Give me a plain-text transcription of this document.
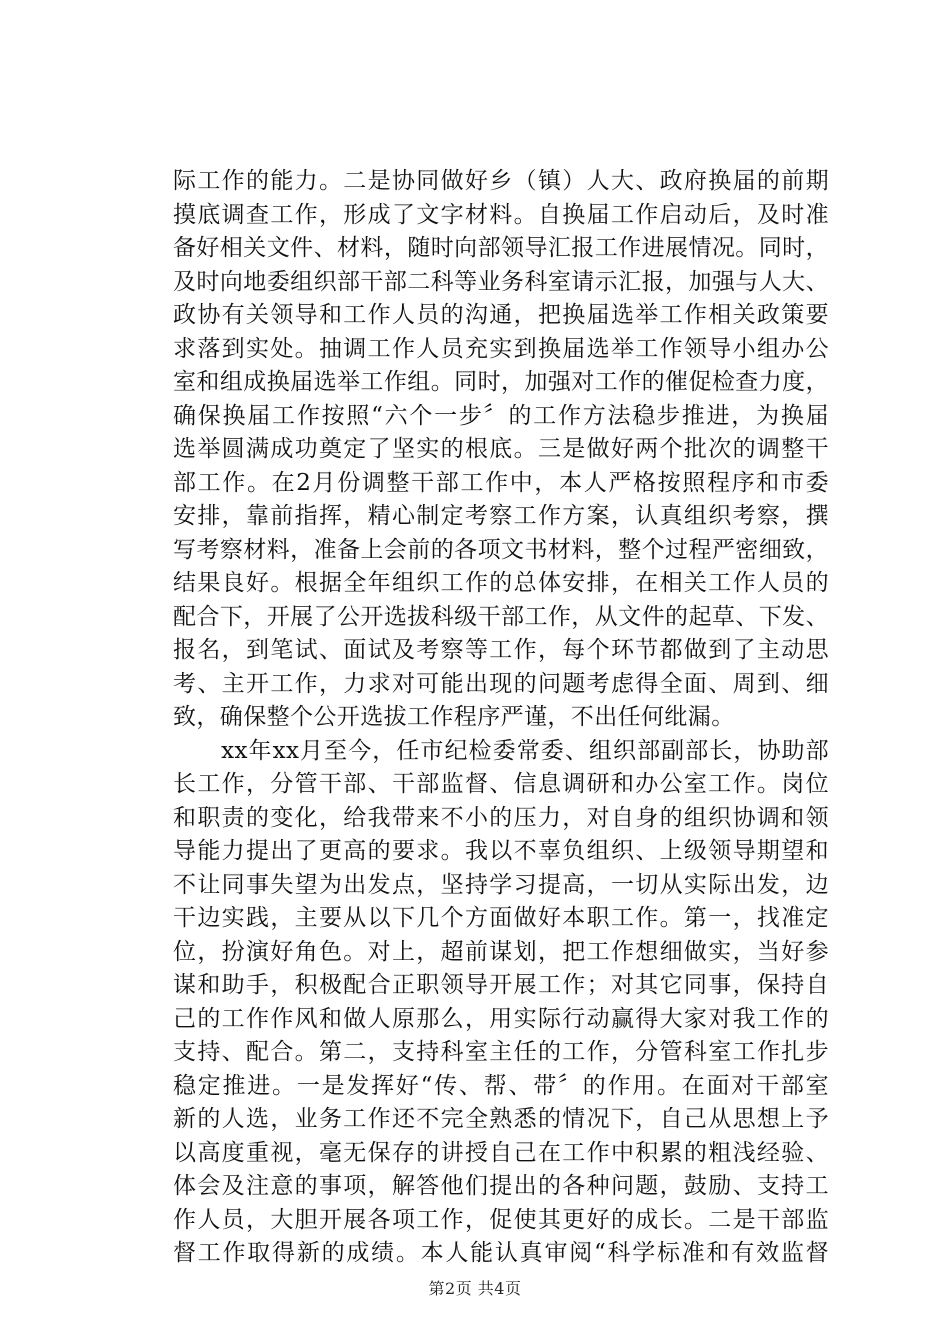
际工作的能力。二是协同做好乡（镇）人大、政府换届的前期
摸底调查工作，形成了文字材料。自换届工作启动后，及时准
备好相关文件、材料，随时向部领导汇报工作进展情况。同时，
及时向地委组织部干部二科等业务科室请示汇报，加强与人大、
政协有关领导和工作人员的沟通，把换届选举工作相关政策要
求落到实处。抽调工作人员充实到换届选举工作领导小组办公
室和组成换届选举工作组。同时，加强对工作的催促检查力度，
确保换届工作按照“六个一步〞的工作方法稳步推进，为换届
选举圆满成功奠定了坚实的根底。三是做好两个批次的调整干
部工作。在2月份调整干部工作中，本人严格按照程序和市委
安排，靠前指挥，精心制定考察工作方案，认真组织考察，撰
写考察材料，准备上会前的各项文书材料，整个过程严密细致，
结果良好。根据全年组织工作的总体安排，在相关工作人员的
配合下，开展了公开选拔科级干部工作，从文件的起草、下发、
报名，到笔试、面试及考察等工作，每个环节都做到了主动思
考、主开工作，力求对可能出现的问题考虑得全面、周到、细
致，确保整个公开选拔工作程序严谨，不出任何纰漏。
　　xx年xx月至今，任市纪检委常委、组织部副部长，协助部
长工作，分管干部、干部监督、信息调研和办公室工作。岗位
和职责的变化，给我带来不小的压力，对自身的组织协调和领
导能力提出了更高的要求。我以不辜负组织、上级领导期望和
不让同事失望为出发点，坚持学习提高，一切从实际出发，边
干边实践，主要从以下几个方面做好本职工作。第一，找准定
位，扮演好角色。对上，超前谋划，把工作想细做实，当好参
谋和助手，积极配合正职领导开展工作；对其它同事，保持自
己的工作作风和做人原那么，用实际行动赢得大家对我工作的
支持、配合。第二，支持科室主任的工作，分管科室工作扎步
稳定推进。一是发挥好“传、帮、带〞的作用。在面对干部室
新的人选，业务工作还不完全熟悉的情况下，自己从思想上予
以高度重视，毫无保存的讲授自己在工作中积累的粗浅经验、
体会及注意的事项，解答他们提出的各种问题，鼓励、支持工
作人员，大胆开展各项工作，促使其更好的成长。二是干部监
督工作取得新的成绩。本人能认真审阅“科学标准和有效监督
第2页 共4页
